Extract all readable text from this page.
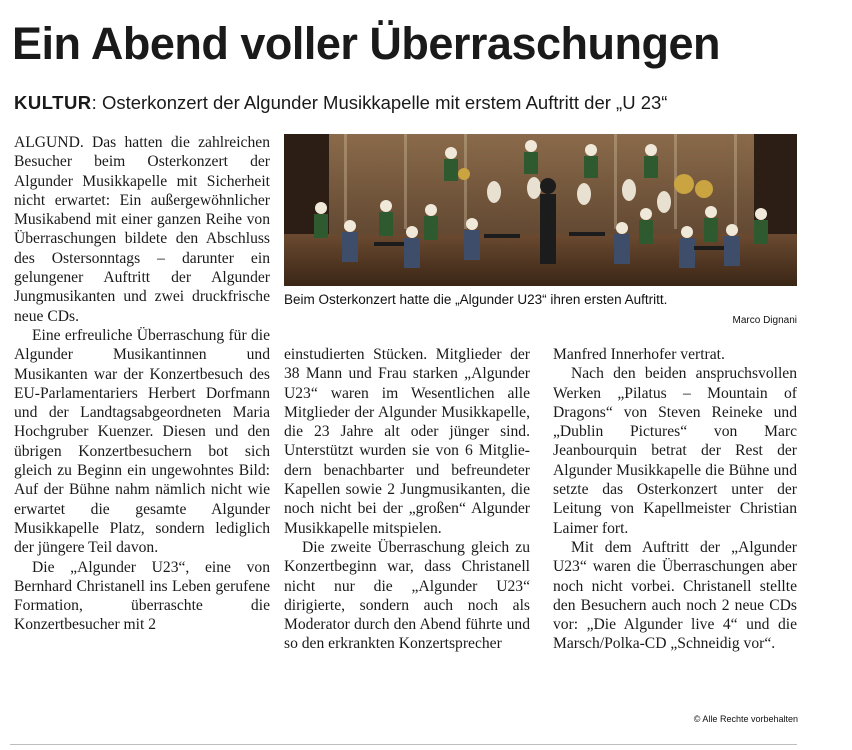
Ein Abend voller Überraschungen
KULTUR: Osterkonzert der Algunder Musikkapelle mit erstem Auftritt der „U 23“

ALGUND. Das hatten die zahlreichen Besucher beim Osterkonzert der Algunder Musikkapelle mit Sicherheit nicht erwartet: Ein außergewöhnlicher Musikabend mit einer ganzen Reihe von Überraschungen bildete den Abschluss des Ostersonntags – darunter ein gelungener Auftritt der Algunder Jungmusikanten und zwei druckfrische neue CDs.

Eine erfreuliche Überraschung für die Algunder Musikantinnen und Musikanten war der Konzertbesuch des EU-Parlamentariers Herbert Dorfmann und der Landtagsabgeordneten Maria Hochgruber Kuenzer. Diesen und den übrigen Konzertbesuchern bot sich gleich zu Beginn ein ungewohntes Bild: Auf der Bühne nahm nämlich nicht wie erwartet die gesamte Algunder Musikkapelle Platz, sondern lediglich der jüngere Teil davon.

Die „Algunder U23“, eine von Bernhard Christanell ins Leben gerufene Formation, überraschte die Konzertbesucher mit 2

Beim Osterkonzert hatte die „Algunder U23“ ihren ersten Auftritt.
Marco Dignani

einstudierten Stücken. Mitglieder der 38 Mann und Frau starken „Algunder U23“ waren im Wesentlichen alle Mitglieder der Algunder Musikkapelle, die 23 Jahre alt oder jünger sind. Unterstützt wurden sie von 6 Mitgliedern benachbarter und befreundeter Kapellen sowie 2 Jungmusikanten, die noch nicht bei der „großen“ Algunder Musikkapelle mitspielen.

Die zweite Überraschung gleich zu Konzertbeginn war, dass Christanell nicht nur die „Algunder U23“ dirigierte, sondern auch noch als Moderator durch den Abend führte und so den erkrankten Konzertsprecher

Manfred Innerhofer vertrat.

Nach den beiden anspruchsvollen Werken „Pilatus – Mountain of Dragons“ von Steven Reineke und „Dublin Pictures“ von Marc Jeanbourquin betrat der Rest der Algunder Musikkapelle die Bühne und setzte das Osterkonzert unter der Leitung von Kapellmeister Christian Laimer fort.

Mit dem Auftritt der „Algunder U23“ waren die Überraschungen aber noch nicht vorbei. Christanell stellte den Besuchern auch noch 2 neue CDs vor: „Die Algunder live 4“ und die Marsch/Polka-CD „Schneidig vor“.

© Alle Rechte vorbehalten
